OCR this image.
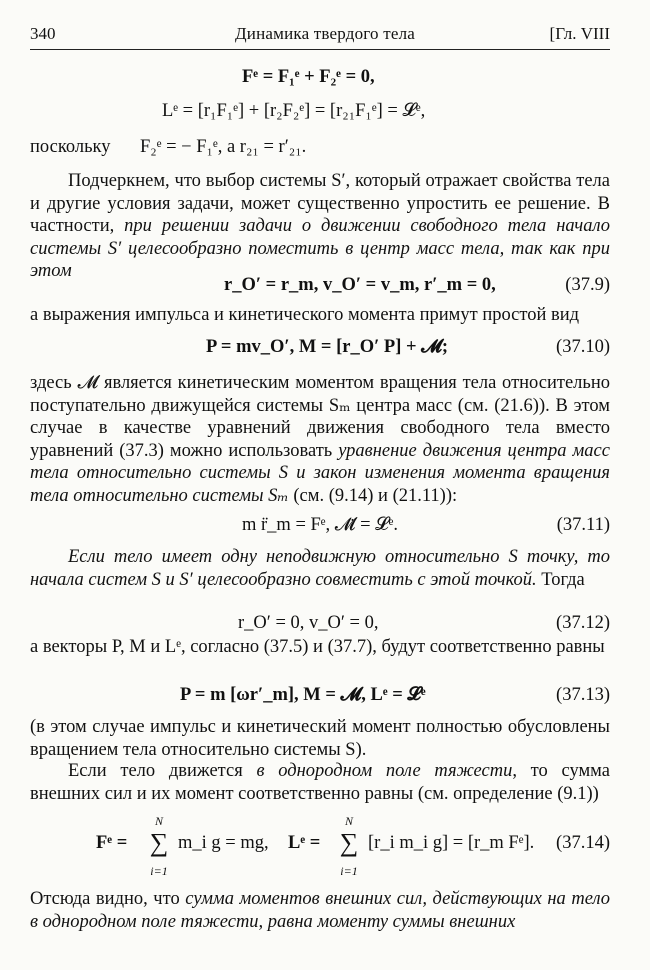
340	Динамика твердого тела	[Гл. VIII
Fᵉ = F₁ᵉ + F₂ᵉ = 0,
Lᵉ = [r₁F₁ᵉ] + [r₂F₂ᵉ] = [r₂₁F₁ᵉ] = 𝓛ᵉ,
поскольку F₂ᵉ = − F₁ᵉ, а r₂₁ = r′₂₁.
Подчеркнем, что выбор системы S′, который отражает свойства тела и другие условия задачи, может существенно упростить ее решение. В частности, при решении задачи о движении свободного тела начало системы S′ целесообразно поместить в центр масс тела, так как при этом
r_O′ = r_m, v_O′ = v_m, r′_m = 0,	(37.9)
а выражения импульса и кинетического момента примут простой вид
P = mv_O′, M = [r_O′ P] + 𝓜;	(37.10)
здесь 𝓜 является кинетическим моментом вращения тела относительно поступательно движущейся системы Sₘ центра масс (см. (21.6)). В этом случае в качестве уравнений движения свободного тела вместо уравнений (37.3) можно использовать уравнение движения центра масс тела относительно системы S и закон изменения момента вращения тела относительно системы Sₘ (см. (9.14) и (21.11)):
m r̈_m = Fᵉ, 𝓜̇ = 𝓛ᵉ.	(37.11)
Если тело имеет одну неподвижную относительно S точку, то начала систем S и S′ целесообразно совместить с этой точкой. Тогда
r_O′ = 0, v_O′ = 0,	(37.12)
а векторы P, M и Lᵉ, согласно (37.5) и (37.7), будут соответственно равны
P = m [ωr′_m], M = 𝓜, Lᵉ = 𝓛ᵉ	(37.13)
(в этом случае импульс и кинетический момент полностью обусловлены вращением тела относительно системы S).
Если тело движется в однородном поле тяжести, то сумма внешних сил и их момент соответственно равны (см. определение (9.1))
Fᵉ =
N
∑
i=1
m_i g = mg, Lᵉ =
N
∑
i=1
[r_i m_i g] = [r_m Fᵉ]. (37.14)
Отсюда видно, что сумма моментов внешних сил, действующих на тело в однородном поле тяжести, равна моменту суммы внешних
